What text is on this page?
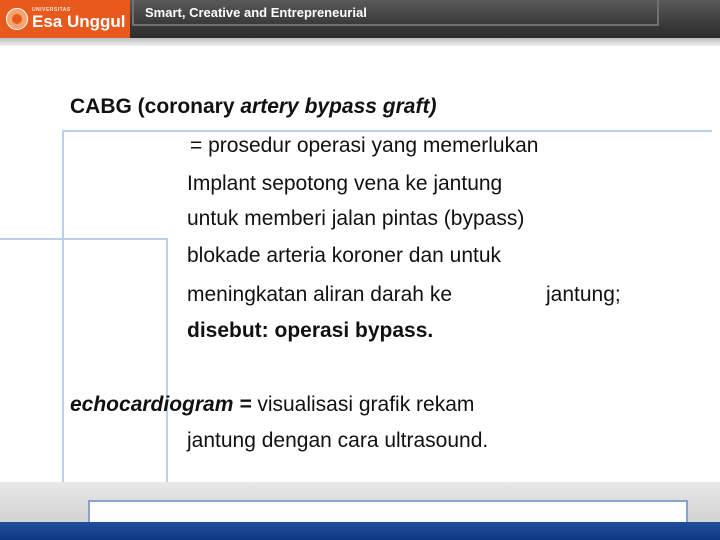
UNIVERSITAS
Esa Unggul Smart, Creative and Entrepreneurial
CABG (coronary artery bypass graft)
= prosedur operasi yang memerlukan
Implant sepotong vena ke jantung
untuk memberi jalan pintas (bypass)
blokade arteria koroner dan untuk
meningkatan aliran darah ke	jantung;
disebut: operasi bypass.
echocardiogram = visualisasi grafik rekam
jantung dengan cara ultrasound.
